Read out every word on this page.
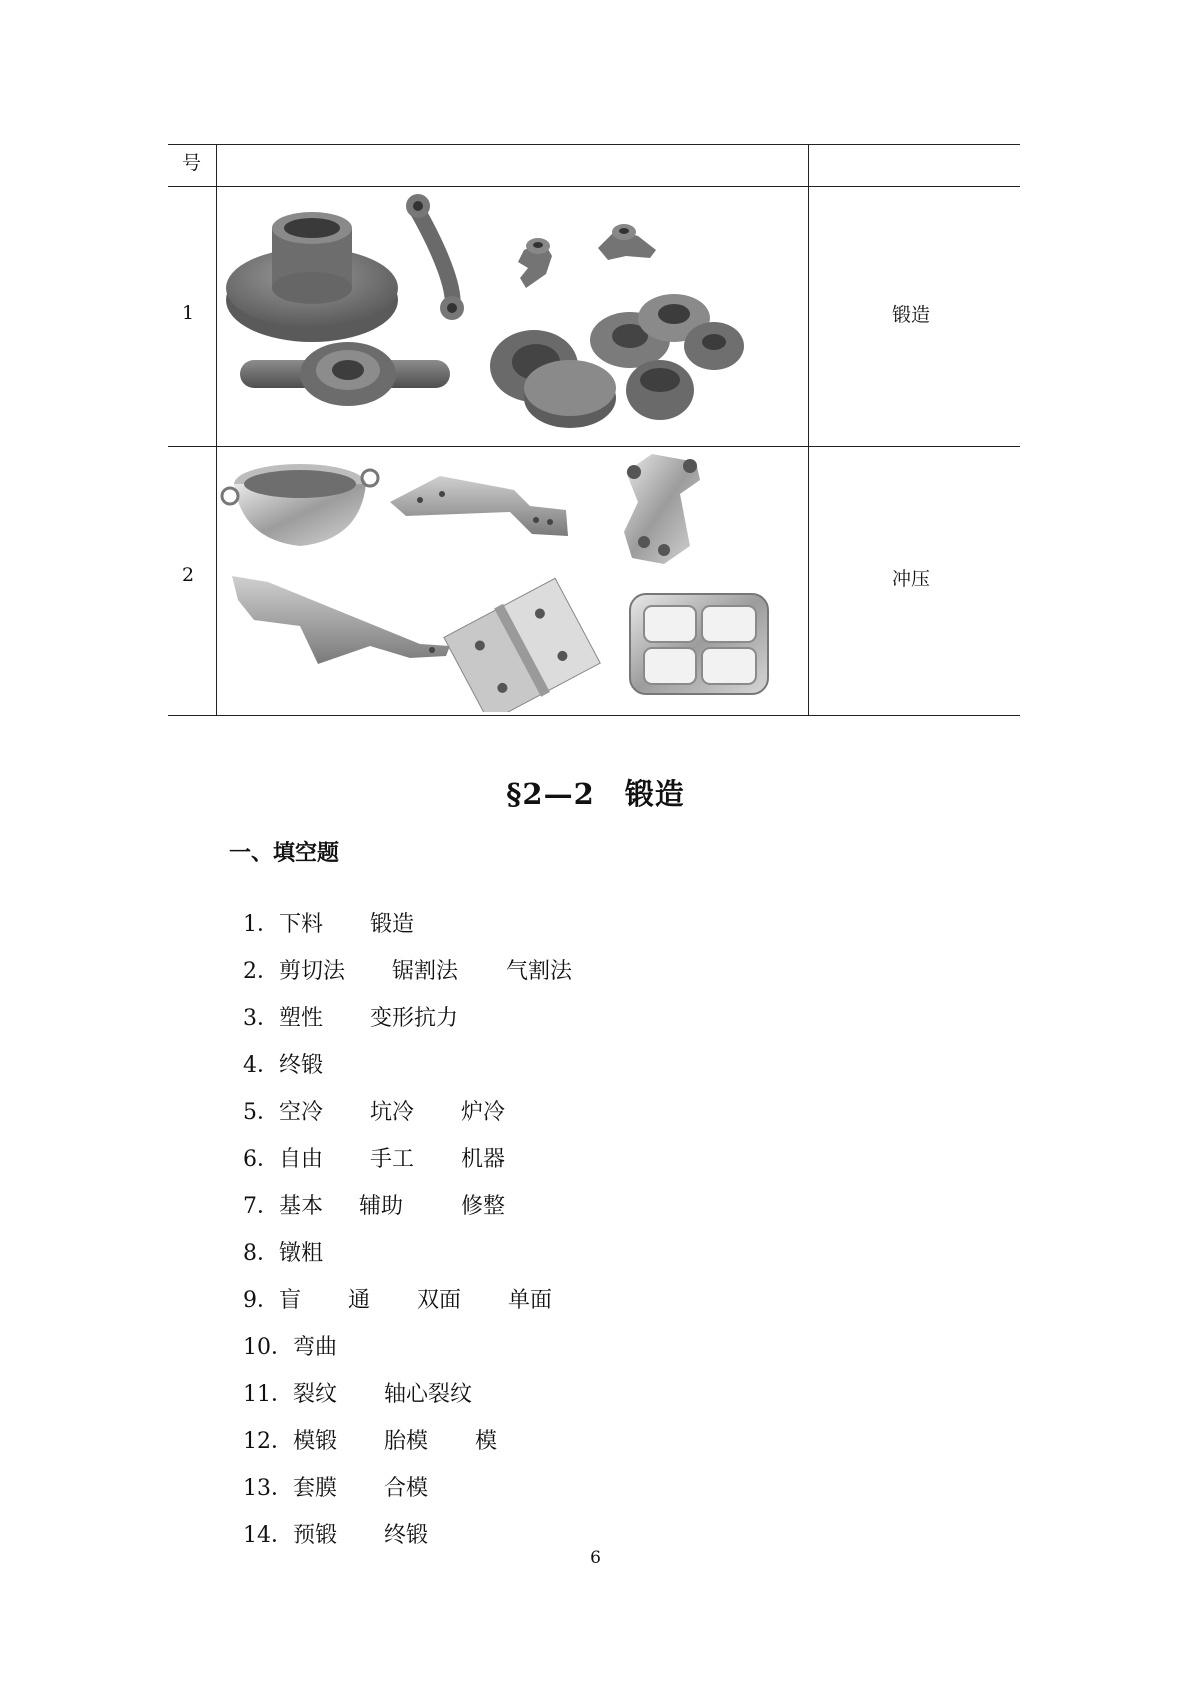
号
1	锻造
2	冲压
§2—2　锻造
一、填空题

1．下料 锻造

2．剪切法 锯割法 气割法

3．塑性 变形抗力

4．终锻

5．空冷 坑冷 炉冷

6．自由 手工 机器

7．基本 辅助	修整

8．镦粗

9．盲 通 双面 单面

10．弯曲

11．裂纹 轴心裂纹

12．模锻 胎模 模

13．套膜 合模

14．预锻 终锻

6
